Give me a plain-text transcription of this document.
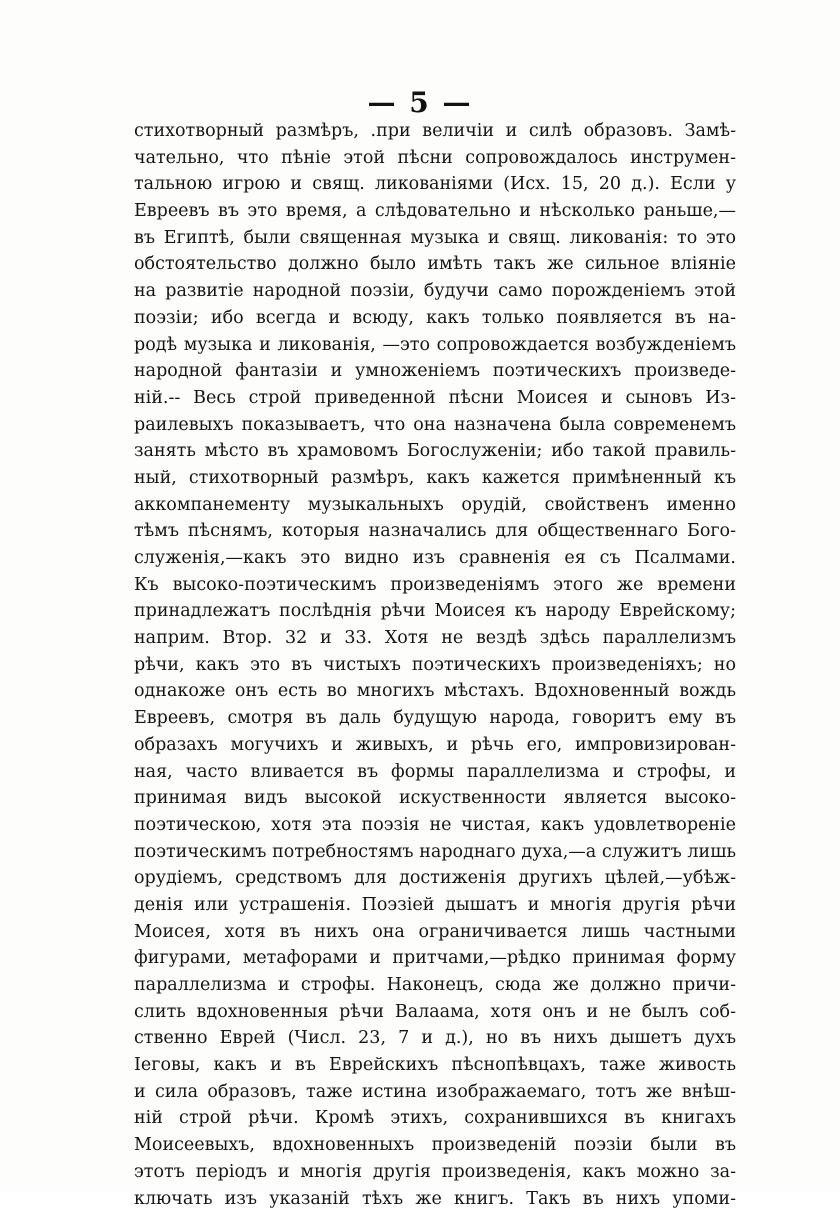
— 5 —
стихотворный размѣръ, .при величiи и силѣ образовъ. Замѣ-
чательно, что пѣнiе этой пѣсни сопровождалось инструмен-
тальною игрою и свящ. ликованiями (Исх. 15, 20 д.). Если у
Евреевъ въ это время, а слѣдовательно и нѣсколько раньше,—
въ Египтѣ, были священная музыка и свящ. ликованiя: то это
обстоятельство должно было имѣть такъ же сильное влiянiе
на развитiе народной поэзiи, будучи само порожденiемъ этой
поэзiи; ибо всегда и всюду, какъ только появляется въ на-
родѣ музыка и ликованiя, —это сопровождается возбужденiемъ
народной фантазiи и умноженiемъ поэтическихъ произведе-
нiй.-- Весь строй приведенной пѣсни Моисея и сыновъ Из-
раилевыхъ показываетъ, что она назначена была современемъ
занять мѣсто въ храмовомъ Богослуженiи; ибо такой правиль-
ный, стихотворный размѣръ, какъ кажется примѣненный къ
аккомпанементу музыкальныхъ орудiй, свойственъ именно
тѣмъ пѣснямъ, которыя назначались для общественнаго Бого-
служенiя,—какъ это видно изъ сравненiя ея съ Псалмами.
Къ высоко-поэтическимъ произведенiямъ этого же времени
принадлежатъ послѣднiя рѣчи Моисея къ народу Еврейскому;
наприм. Втор. 32 и 33. Хотя не вездѣ здѣсь параллелизмъ
рѣчи, какъ это въ чистыхъ поэтическихъ произведенiяхъ; но
однакоже онъ есть во многихъ мѣстахъ. Вдохновенный вождь
Евреевъ, смотря въ даль будущую народа, говоритъ ему въ
образахъ могучихъ и живыхъ, и рѣчь его, импровизирован-
ная, часто вливается въ формы параллелизма и строфы, и
принимая видъ высокой искуственности является высоко-
поэтическою, хотя эта поэзiя не чистая, какъ удовлетворенiе
поэтическимъ потребностямъ народнаго духа,—а служитъ лишь
орудiемъ, средствомъ для достиженiя другихъ цѣлей,—убѣж-
денiя или устрашенiя. Поэзiей дышатъ и многiя другiя рѣчи
Моисея, хотя въ нихъ она ограничивается лишь частными
фигурами, метафорами и притчами,—рѣдко принимая форму
параллелизма и строфы. Наконецъ, сюда же должно причи-
слить вдохновенныя рѣчи Валаама, хотя онъ и не былъ соб-
ственно Еврей (Числ. 23, 7 и д.), но въ нихъ дышетъ духъ
Iеговы, какъ и въ Еврейскихъ пѣснопѣвцахъ, таже живость
и сила образовъ, таже истина изображаемаго, тотъ же внѣш-
нiй строй рѣчи. Кромѣ этихъ, сохранившихся въ книгахъ
Моисеевыхъ, вдохновенныхъ произведенiй поэзiи были въ
этотъ перiодъ и многiя другiя произведенiя, какъ можно за-
ключать изъ указанiй тѣхъ же книгъ. Такъ въ нихъ упоми-
